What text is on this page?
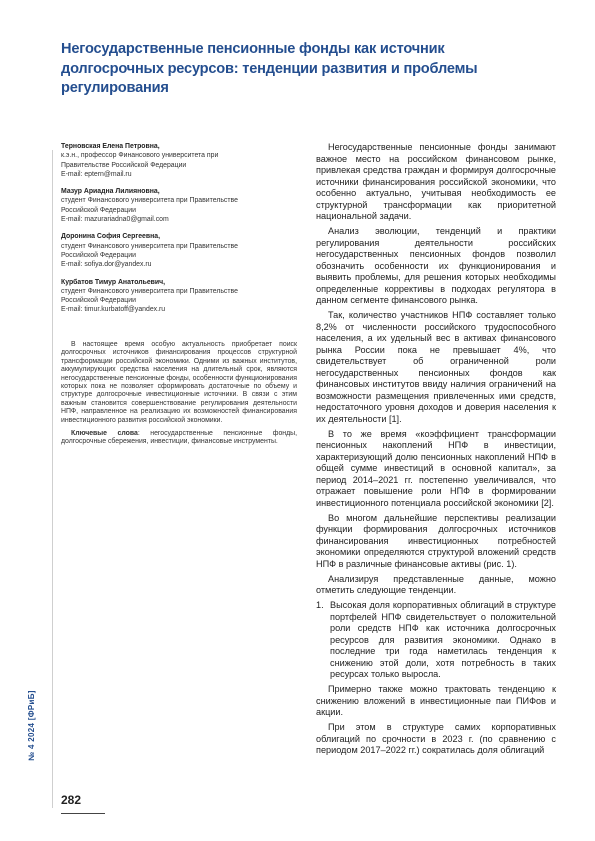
Негосударственные пенсионные фонды как источник долгосрочных ресурсов: тенденции развития и проблемы регулирования
Терновская Елена Петровна,
к.э.н., профессор Финансового университета при
Правительстве Российской Федерации
E-mail: eptern@mail.ru
Мазур Ариадна Лилияновна,
студент Финансового университета при Правительстве
Российской Федерации
E-mail: mazurariadna0@gmail.com
Доронина София Сергеевна,
студент Финансового университета при Правительстве
Российской Федерации
E-mail: sofiya.dor@yandex.ru
Курбатов Тимур Анатольевич,
студент Финансового университета при Правительстве
Российской Федерации
E-mail: timur.kurbatoff@yandex.ru

В настоящее время особую актуальность приобретает поиск долгосрочных источников финансирования процессов структурной трансформации российской экономики. Одними из важных институтов, аккумулирующих средства населения на длительный срок, являются негосударственные пенсионные фонды, особенности функционирования которых пока не позволяет сформировать достаточные по объему и структуре долгосрочные инвестиционные источники. В связи с этим важным становится совершенствование регулирования деятельности НПФ, направленное на реализацию их возможностей финансирования инвестиционного развития российской экономики.

Ключевые слова: негосударственные пенсионные фонды, долгосрочные сбережения, инвестиции, финансовые инструменты.

Негосударственные пенсионные фонды занимают важное место на российском финансовом рынке, привлекая средства граждан и формируя долгосрочные источники финансирования российской экономики, что особенно актуально, учитывая необходимость ее структурной трансформации как приоритетной национальной задачи.

Анализ эволюции, тенденций и практики регулирования деятельности российских негосударственных пенсионных фондов позволил обозначить особенности их функционирования и выявить проблемы, для решения которых необходимы определенные коррективы в подходах регулятора в данном сегменте финансового рынка.

Так, количество участников НПФ составляет только 8,2% от численности российского трудоспособного населения, а их удельный вес в активах финансового рынка России пока не превышает 4%, что свидетельствует об ограниченной роли негосударственных пенсионных фондов как финансовых институтов ввиду наличия ограничений на возможности размещения привлеченных ими средств, недостаточного уровня доходов и доверия населения к их деятельности [1].

В то же время «коэффициент трансформации пенсионных накоплений НПФ в инвестиции, характеризующий долю пенсионных накоплений НПФ в общей сумме инвестиций в основной капитал», за период 2014–2021 гг. постепенно увеличивался, что отражает повышение роли НПФ в формировании инвестиционного потенциала российской экономики [2].

Во многом дальнейшие перспективы реализации функции формирования долгосрочных источников финансирования инвестиционных потребностей экономики определяются структурой вложений средств НПФ в различные финансовые активы (рис. 1).

Анализируя представленные данные, можно отметить следующие тенденции.

1. Высокая доля корпоративных облигаций в структуре портфелей НПФ свидетельствует о положительной роли средств НПФ как источника долгосрочных ресурсов для развития экономики. Однако в последние три года наметилась тенденция к снижению этой доли, хотя потребность в таких ресурсах только выросла.

Примерно также можно трактовать тенденцию к снижению вложений в инвестиционные паи ПИФов и акции.

При этом в структуре самих корпоративных облигаций по срочности в 2023 г. (по сравнению с периодом 2017–2022 гг.) сократилась доля облигаций

№ 4 2024 [ФРиБ]
282
